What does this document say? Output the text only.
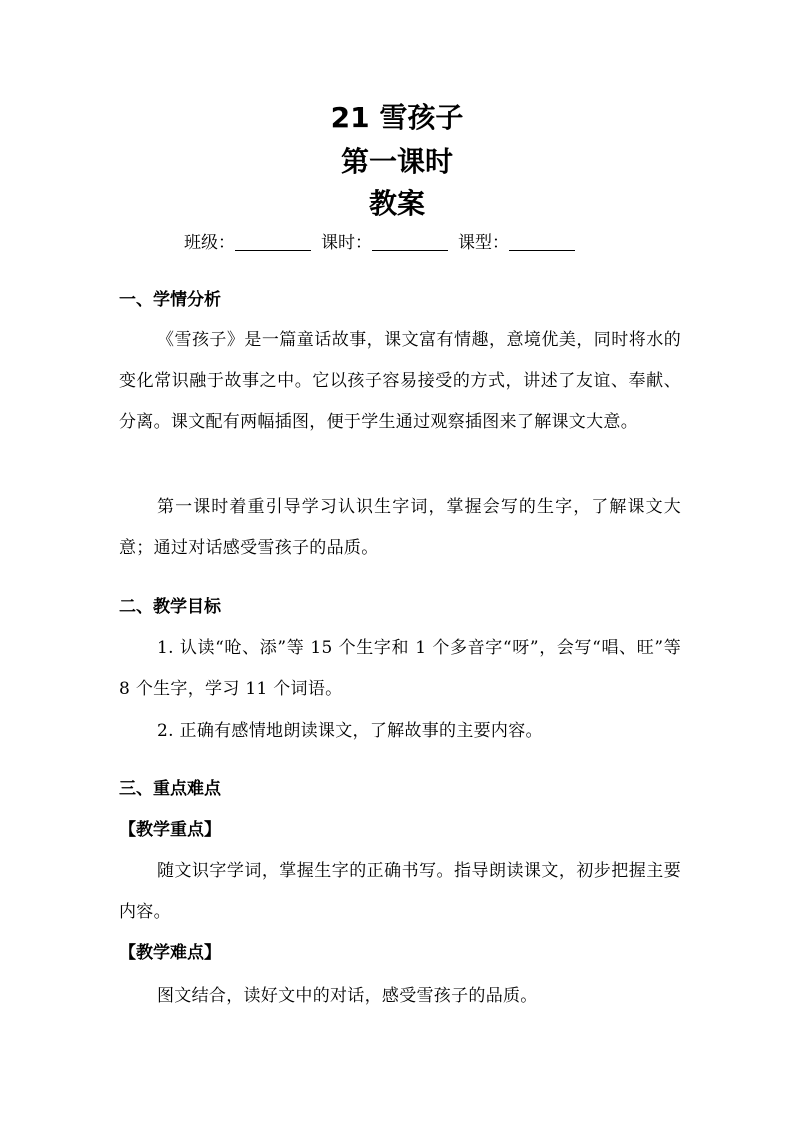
21 雪孩子
第一课时
教案
班级：	课时：	课型：
一、学情分析

《雪孩子》是一篇童话故事，课文富有情趣，意境优美，同时将水的变化常识融于故事之中。它以孩子容易接受的方式，讲述了友谊、奉献、分离。课文配有两幅插图，便于学生通过观察插图来了解课文大意。

第一课时着重引导学习认识生字词，掌握会写的生字，了解课文大意；通过对话感受雪孩子的品质。

二、教学目标

1. 认读“呛、添”等 15 个生字和 1 个多音字“呀”，会写“唱、旺”等 8 个生字，学习 11 个词语。

2. 正确有感情地朗读课文，了解故事的主要内容。

三、重点难点
【教学重点】

随文识字学词，掌握生字的正确书写。指导朗读课文，初步把握主要内容。

【教学难点】

图文结合，读好文中的对话，感受雪孩子的品质。
